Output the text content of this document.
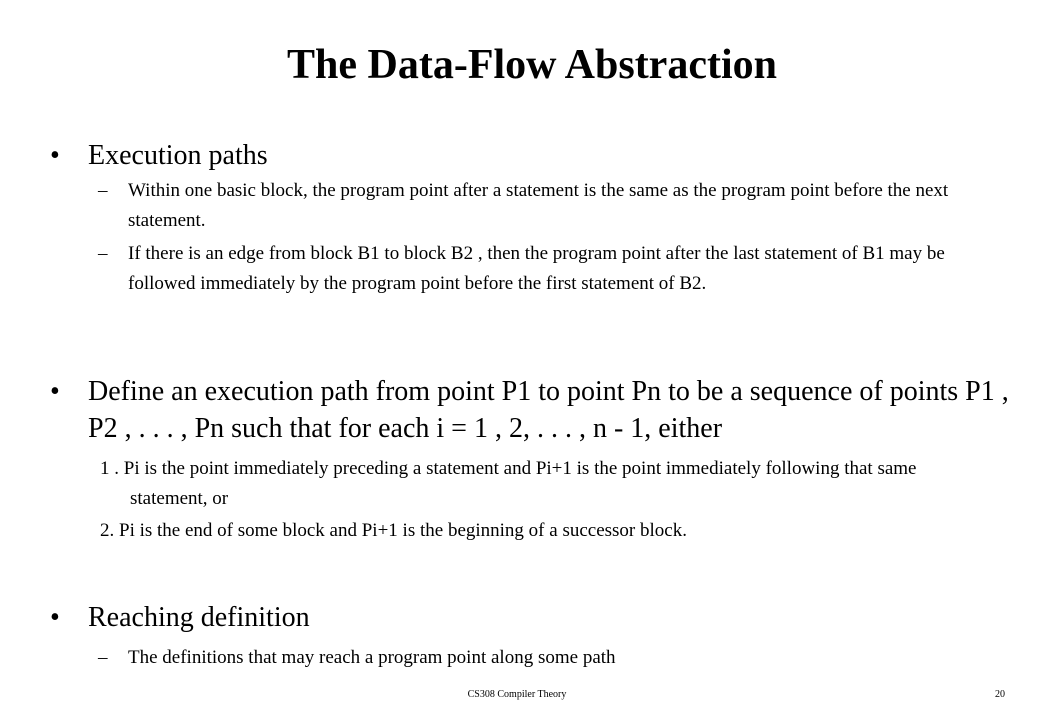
The Data-Flow Abstraction
• Execution paths
– Within one basic block, the program point after a statement is the same as the program point before the next statement.
– If there is an edge from block B1 to block B2 , then the program point after the last statement of B1 may be followed immediately by the program point before the first statement of B2.
• Define an execution path from point P1 to point Pn to be a sequence of points P1 , P2 , . . . , Pn such that for each i = 1 , 2, . . . , n - 1, either
1 . Pi is the point immediately preceding a statement and Pi+1 is the point immediately following that same statement, or
2. Pi is the end of some block and Pi+1 is the beginning of a successor block.
• Reaching definition
– The definitions that may reach a program point along some path
CS308 Compiler Theory	20
